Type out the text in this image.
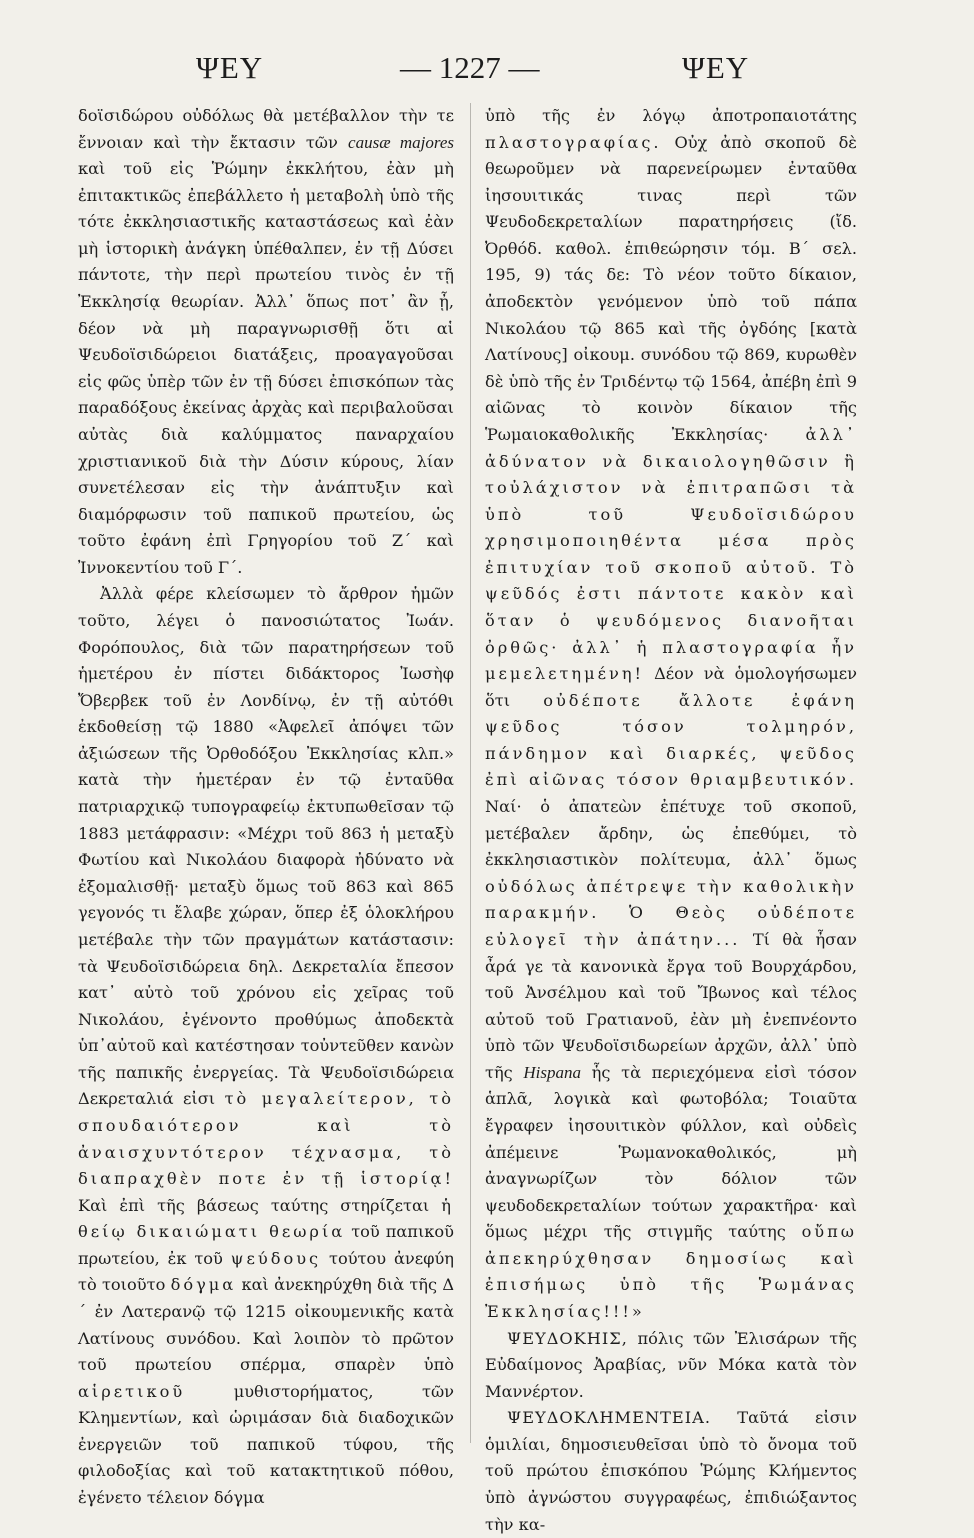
ΨΕΥ	— 1227 —	ΨΕΥ

δοϊσιδώρου οὐδόλως θὰ μετέβαλλον τὴν τε ἔννοιαν καὶ τὴν ἔκτασιν τῶν causæ majores καὶ τοῦ εἰς Ῥώμην ἐκκλήτου, ἐὰν μὴ ἐπιτακτικῶς ἐπεβάλλετο ἡ μεταβολὴ ὑπὸ τῆς τότε ἐκκλησιαστικῆς καταστάσεως καὶ ἐὰν μὴ ἱστορικὴ ἀνάγκη ὑπέθαλπεν, ἐν τῇ Δύσει πάντοτε, τὴν περὶ πρωτείου τινὸς ἐν τῇ Ἐκκλησίᾳ θεωρίαν. Ἀλλ᾽ ὅπως ποτ᾽ ἂν ᾖ, δέον νὰ μὴ παραγνωρισθῇ ὅτι αἱ Ψευδοϊσιδώρειοι διατάξεις, προαγαγοῦσαι εἰς φῶς ὑπὲρ τῶν ἐν τῇ δύσει ἐπισκόπων τὰς παραδόξους ἐκείνας ἀρχὰς καὶ περιβαλοῦσαι αὐτὰς διὰ καλύμματος παναρχαίου χριστιανικοῦ διὰ τὴν Δύσιν κύρους, λίαν συνετέλεσαν εἰς τὴν ἀνάπτυξιν καὶ διαμόρφωσιν τοῦ παπικοῦ πρωτείου, ὡς τοῦτο ἐφάνη ἐπὶ Γρηγορίου τοῦ Ζ´ καὶ Ἰννοκεντίου τοῦ Γ´.

Ἀλλὰ φέρε κλείσωμεν τὸ ἄρθρον ἡμῶν τοῦτο, λέγει ὁ πανοσιώτατος Ἰωάν. Φορόπουλος, διὰ τῶν παρατηρήσεων τοῦ ἡμετέρου ἐν πίστει διδάκτορος Ἰωσὴφ Ὄβερβεκ τοῦ ἐν Λονδίνῳ, ἐν τῇ αὐτόθι ἐκδοθείσῃ τῷ 1880 «Ἀφελεῖ ἀπόψει τῶν ἀξιώσεων τῆς Ὀρθοδόξου Ἐκκλησίας κλπ.» κατὰ τὴν ἡμετέραν ἐν τῷ ἐνταῦθα πατριαρχικῷ τυπογραφείῳ ἐκτυπωθεῖσαν τῷ 1883 μετάφρασιν: «Μέχρι τοῦ 863 ἡ μεταξὺ Φωτίου καὶ Νικολάου διαφορὰ ἠδύνατο νὰ ἐξομαλισθῇ· μεταξὺ ὅμως τοῦ 863 καὶ 865 γεγονός τι ἔλαβε χώραν, ὅπερ ἐξ ὁλοκλήρου μετέβαλε τὴν τῶν πραγμάτων κατάστασιν: τὰ Ψευδοϊσιδώρεια δηλ. Δεκρεταλία ἔπεσον κατ᾽ αὐτὸ τοῦ χρόνου εἰς χεῖρας τοῦ Νικολάου, ἐγένοντο προθύμως ἀποδεκτὰ ὑπ᾽αὐτοῦ καὶ κατέστησαν τοὐντεῦθεν κανὼν τῆς παπικῆς ἐνεργείας. Τὰ Ψευδοϊσιδώρεια Δεκρεταλιά εἰσι τὸ μεγαλείτερον, τὸ σπουδαιότερον καὶ τὸ ἀναισχυντότερον τέχνασμα, τὸ διαπραχθὲν ποτε ἐν τῇ ἱστορίᾳ! Καὶ ἐπὶ τῆς βάσεως ταύτης στηρίζεται ἡ θείῳ δικαιώματι θεωρία τοῦ παπικοῦ πρωτείου, ἐκ τοῦ ψεύδους τούτου ἀνεφύη τὸ τοιοῦτο δόγμα καὶ ἀνεκηρύχθη διὰ τῆς Δ´ ἐν Λατερανῷ τῷ 1215 οἰκουμενικῆς κατὰ Λατίνους συνόδου. Καὶ λοιπὸν τὸ πρῶτον τοῦ πρωτείου σπέρμα, σπαρὲν ὑπὸ αἱρετικοῦ μυθιστορήματος, τῶν Κλημεντίων, καὶ ὡριμάσαν διὰ διαδοχικῶν ἐνεργειῶν τοῦ παπικοῦ τύφου, τῆς φιλοδοξίας καὶ τοῦ κατακτητικοῦ πόθου, ἐγένετο τέλειον δόγμα

ὑπὸ τῆς ἐν λόγῳ ἀποτροπαιοτάτης πλαστογραφίας. Οὐχ ἀπὸ σκοποῦ δὲ θεωροῦμεν νὰ παρενείρωμεν ἐνταῦθα ἰησουιτικάς τινας περὶ τῶν Ψευδοδεκρεταλίων παρατηρήσεις (ἴδ. Ὀρθόδ. καθολ. ἐπιθεώρησιν τόμ. Β´ σελ. 195, 9) τάς δε: Τὸ νέον τοῦτο δίκαιον, ἀποδεκτὸν γενόμενον ὑπὸ τοῦ πάπα Νικολάου τῷ 865 καὶ τῆς ὀγδόης [κατὰ Λατίνους] οἰκουμ. συνόδου τῷ 869, κυρωθὲν δὲ ὑπὸ τῆς ἐν Τριδέντῳ τῷ 1564, ἀπέβη ἐπὶ 9 αἰῶνας τὸ κοινὸν δίκαιον τῆς Ῥωμαιοκαθολικῆς Ἐκκλησίας· ἀλλ᾽ ἀδύνατον νὰ δικαιολογηθῶσιν ἢ τοὐλάχιστον νὰ ἐπιτραπῶσι τὰ ὑπὸ τοῦ Ψευδοϊσιδώρου χρησιμοποιηθέντα μέσα πρὸς ἐπιτυχίαν τοῦ σκοποῦ αὐτοῦ. Τὸ ψεῦδός ἐστι πάντοτε κακὸν καὶ ὅταν ὁ ψευδόμενος διανοῆται ὀρθῶς· ἀλλ᾽ ἡ πλαστογραφία ἦν μεμελετημένη! Δέον νὰ ὁμολογήσωμεν ὅτι οὐδέποτε ἄλλοτε ἐφάνη ψεῦδος τόσον τολμηρόν, πάνδημον καὶ διαρκές, ψεῦδος ἐπὶ αἰῶνας τόσον θριαμβευτικόν. Ναί· ὁ ἀπατεὼν ἐπέτυχε τοῦ σκοποῦ, μετέβαλεν ἄρδην, ὡς ἐπεθύμει, τὸ ἐκκλησιαστικὸν πολίτευμα, ἀλλ᾽ ὅμως οὐδόλως ἀπέτρεψε τὴν καθολικὴν παρακμήν. Ὁ Θεὸς οὐδέποτε εὐλογεῖ τὴν ἀπάτην... Τί θὰ ἦσαν ἆρά γε τὰ κανονικὰ ἔργα τοῦ Βουρχάρδου, τοῦ Ἀνσέλμου καὶ τοῦ Ἴβωνος καὶ τέλος αὐτοῦ τοῦ Γρατιανοῦ, ἐὰν μὴ ἐνεπνέοντο ὑπὸ τῶν Ψευδοϊσιδωρείων ἀρχῶν, ἀλλ᾽ ὑπὸ τῆς Hispana ἧς τὰ περιεχόμενα εἰσὶ τόσον ἁπλᾶ, λογικὰ καὶ φωτοβόλα; Τοιαῦτα ἔγραφεν ἰησουιτικὸν φύλλον, καὶ οὐδεὶς ἀπέμεινε Ῥωμανοκαθολικός, μὴ ἀναγνωρίζων τὸν δόλιον τῶν ψευδοδεκρεταλίων τούτων χαρακτῆρα· καὶ ὅμως μέχρι τῆς στιγμῆς ταύτης οὔπω ἀπεκηρύχθησαν δημοσίως καὶ ἐπισήμως ὑπὸ τῆς Ῥωμάνας Ἐκκλησίας!!!»

ΨΕΥΔΟΚΗΙΣ, πόλις τῶν Ἐλισάρων τῆς Εὐδαίμονος Ἀραβίας, νῦν Μόκα κατὰ τὸν Μαννέρτον.

ΨΕΥΔΟΚΛΗΜΕΝΤΕΙΑ. Ταῦτά εἰσιν ὁμιλίαι, δημοσιευθεῖσαι ὑπὸ τὸ ὄνομα τοῦ τοῦ πρώτου ἐπισκόπου Ῥώμης Κλήμεντος ὑπὸ ἀγνώστου συγγραφέως, ἐπιδιώξαντος τὴν κα-
